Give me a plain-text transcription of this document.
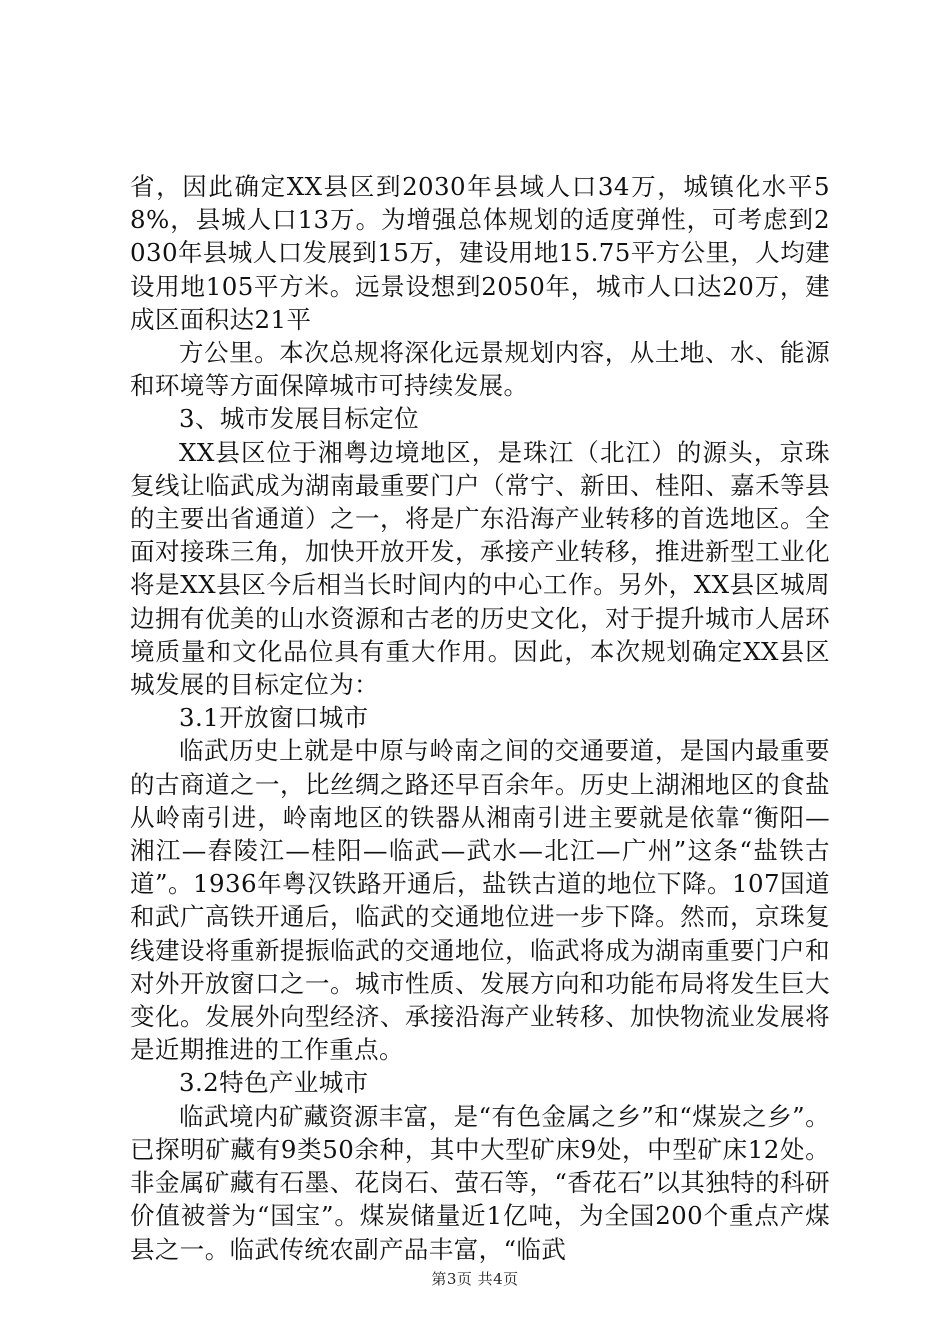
省，因此确定XX县区到2030年县域人口34万，城镇化水平58%，县城人口13万。为增强总体规划的适度弹性，可考虑到2030年县城人口发展到15万，建设用地15.75平方公里，人均建设用地105平方米。远景设想到2050年，城市人口达20万，建成区面积达21平

方公里。本次总规将深化远景规划内容，从土地、水、能源和环境等方面保障城市可持续发展。

3、城市发展目标定位

XX县区位于湘粤边境地区，是珠江（北江）的源头，京珠复线让临武成为湖南最重要门户（常宁、新田、桂阳、嘉禾等县的主要出省通道）之一，将是广东沿海产业转移的首选地区。全面对接珠三角，加快开放开发，承接产业转移，推进新型工业化将是XX县区今后相当长时间内的中心工作。另外，XX县区城周边拥有优美的山水资源和古老的历史文化，对于提升城市人居环境质量和文化品位具有重大作用。因此，本次规划确定XX县区城发展的目标定位为：

3.1开放窗口城市

临武历史上就是中原与岭南之间的交通要道，是国内最重要的古商道之一，比丝绸之路还早百余年。历史上湖湘地区的食盐从岭南引进，岭南地区的铁器从湘南引进主要就是依靠“衡阳—湘江—舂陵江—桂阳—临武—武水—北江—广州”这条“盐铁古道”。1936年粤汉铁路开通后，盐铁古道的地位下降。107国道和武广高铁开通后，临武的交通地位进一步下降。然而，京珠复线建设将重新提振临武的交通地位，临武将成为湖南重要门户和对外开放窗口之一。城市性质、发展方向和功能布局将发生巨大变化。发展外向型经济、承接沿海产业转移、加快物流业发展将是近期推进的工作重点。

3.2特色产业城市

临武境内矿藏资源丰富，是“有色金属之乡”和“煤炭之乡”。已探明矿藏有9类50余种，其中大型矿床9处，中型矿床12处。非金属矿藏有石墨、花岗石、萤石等，“香花石”以其独特的科研价值被誉为“国宝”。煤炭储量近1亿吨，为全国200个重点产煤县之一。临武传统农副产品丰富，“临武

第3页 共4页
